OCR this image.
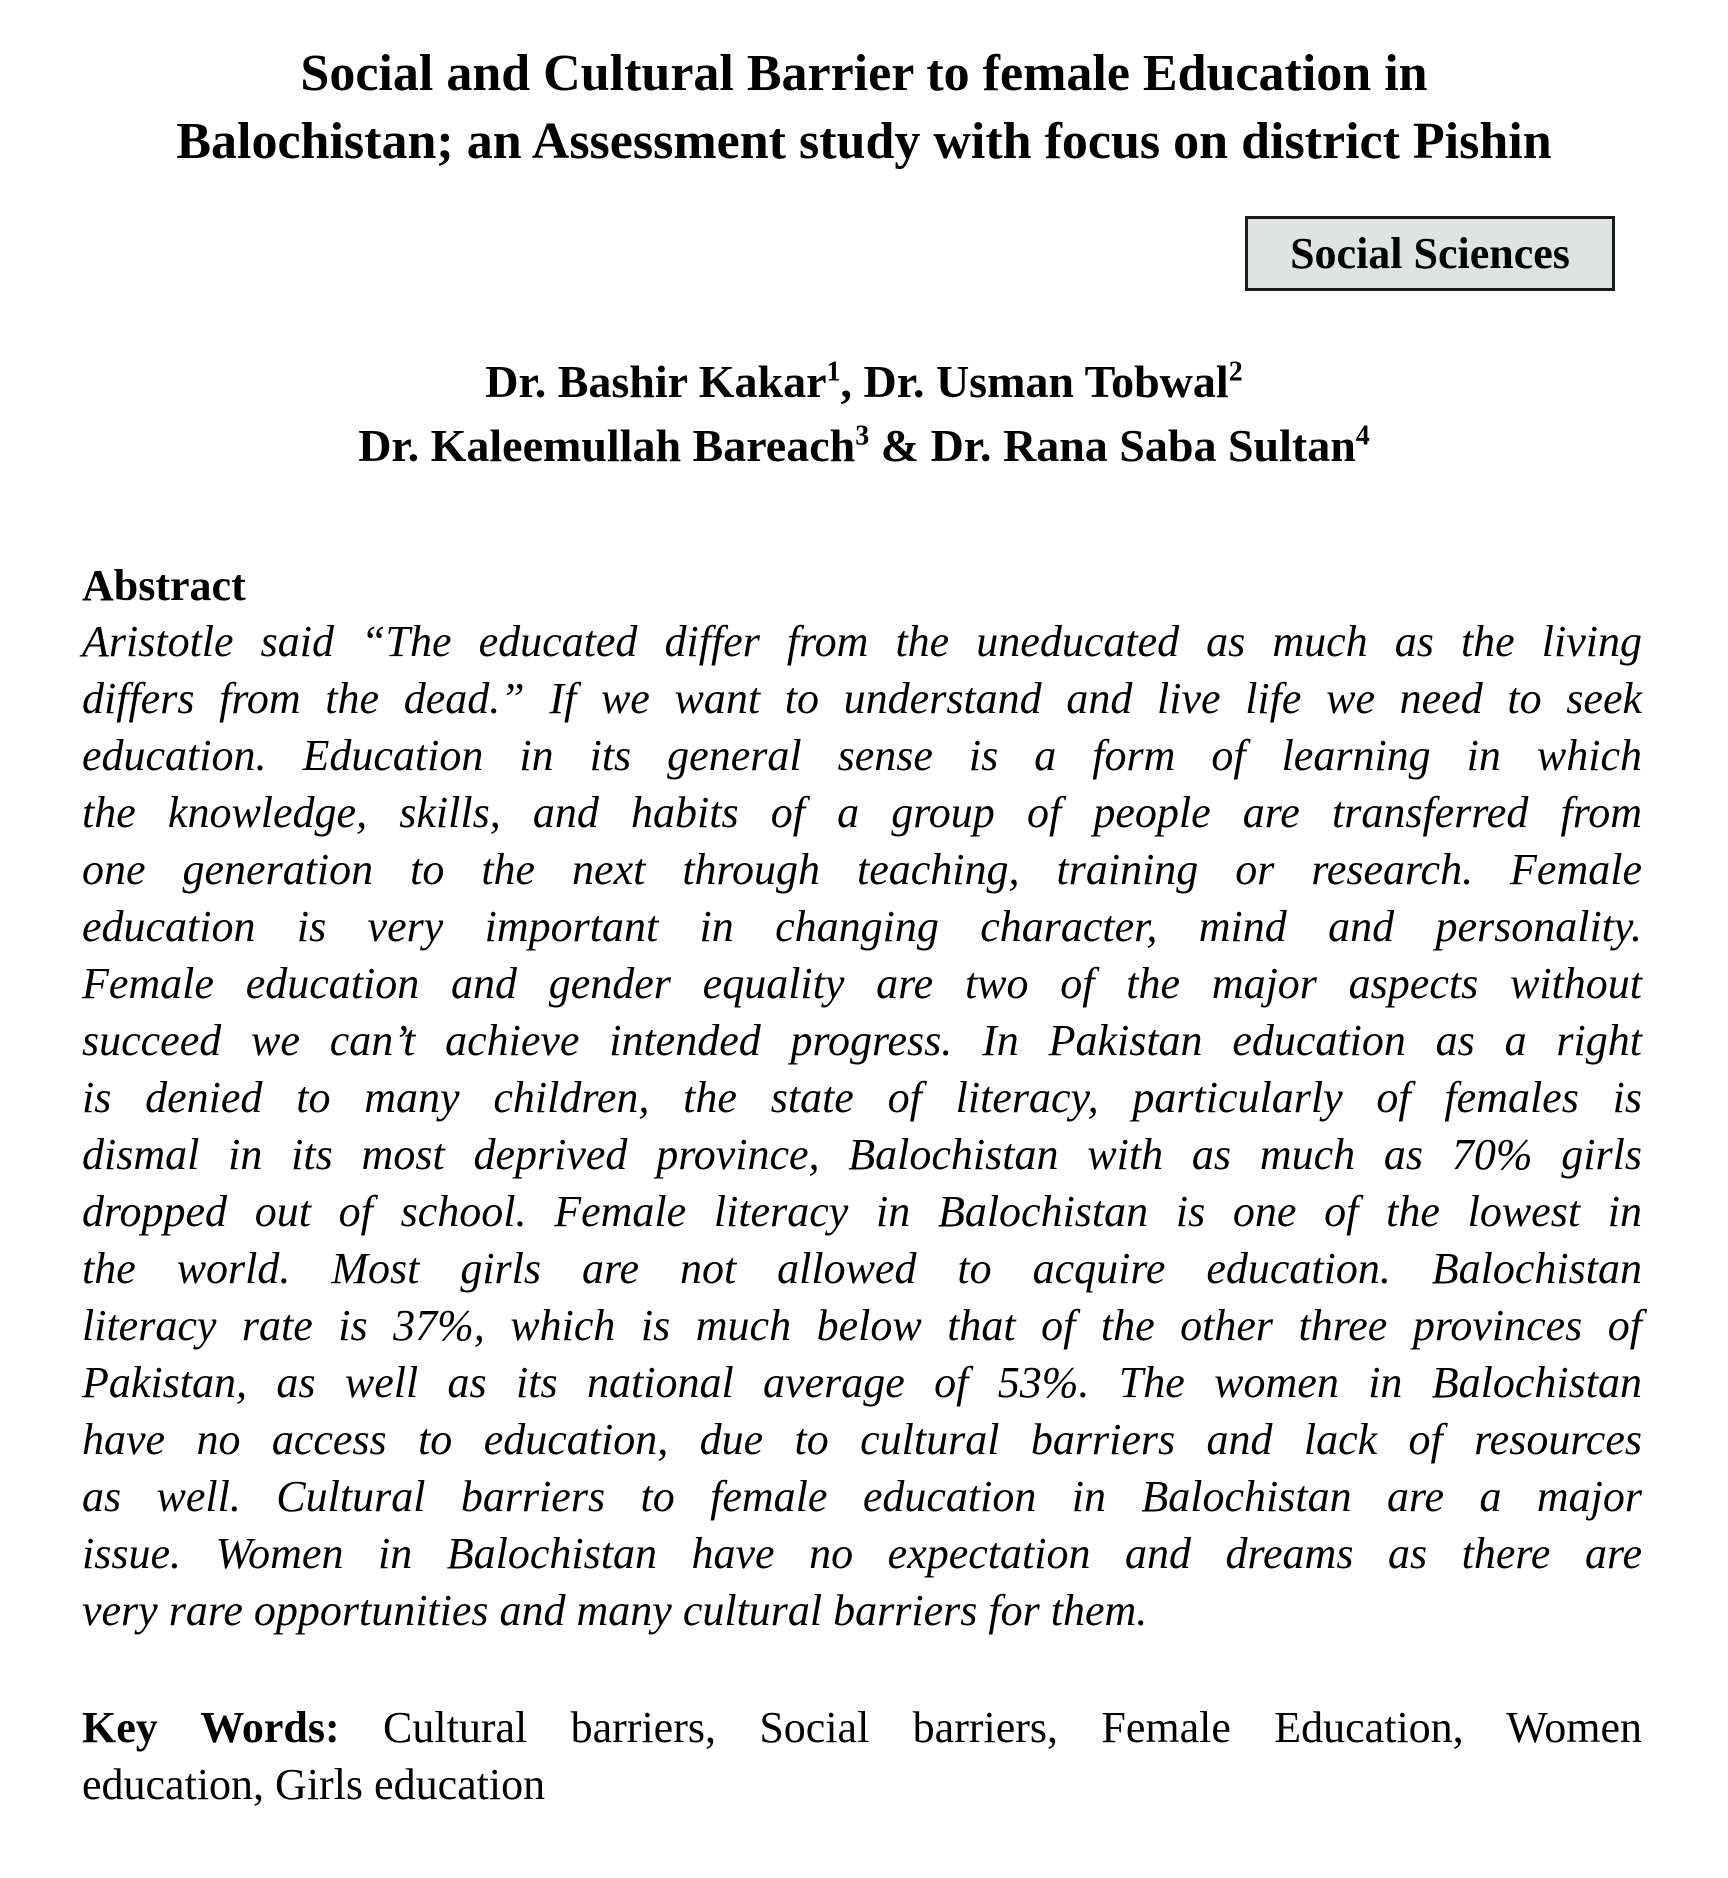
Social and Cultural Barrier to female Education in
Balochistan; an Assessment study with focus on district Pishin
Social Sciences
Dr. Bashir Kakar$^1$, Dr. Usman Tobwal$^2$
Dr. Kaleemullah Bareach$^3$ & Dr. Rana Saba Sultan$^4$
Abstract
Aristotle said “The educated differ from the uneducated as much as the living
differs from the dead.” If we want to understand and live life we need to seek
education. Education in its general sense is a form of learning in which
the knowledge, skills, and habits of a group of people are transferred from
one generation to the next through teaching, training or research. Female
education is very important in changing character, mind and personality.
Female education and gender equality are two of the major aspects without
succeed we can’t achieve intended progress. In Pakistan education as a right
is denied to many children, the state of literacy, particularly of females is
dismal in its most deprived province, Balochistan with as much as 70% girls
dropped out of school. Female literacy in Balochistan is one of the lowest in
the world. Most girls are not allowed to acquire education. Balochistan
literacy rate is 37%, which is much below that of the other three provinces of
Pakistan, as well as its national average of 53%. The women in Balochistan
have no access to education, due to cultural barriers and lack of resources
as well. Cultural barriers to female education in Balochistan are a major
issue. Women in Balochistan have no expectation and dreams as there are
very rare opportunities and many cultural barriers for them.
Key Words: Cultural barriers, Social barriers, Female Education, Women
education, Girls education
